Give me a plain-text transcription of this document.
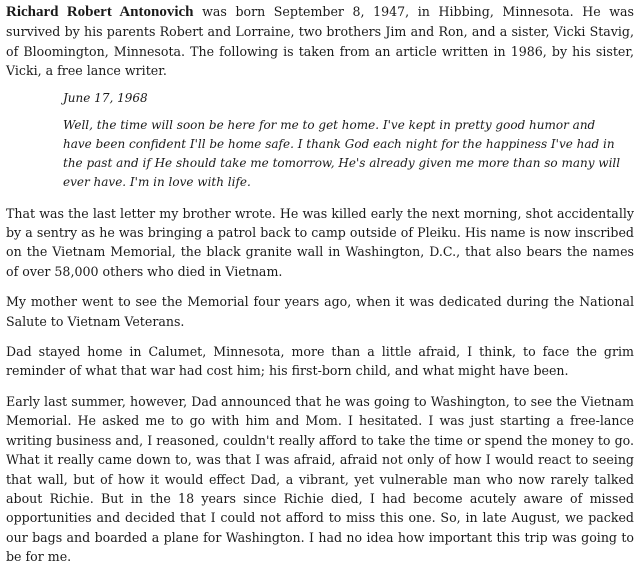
Richard Robert Antonovich was born September 8, 1947, in Hibbing, Minnesota. He was survived by his parents Robert and Lorraine, two brothers Jim and Ron, and a sister, Vicki Stavig, of Bloomington, Minnesota. The following is taken from an article written in 1986, by his sister, Vicki, a free lance writer.

June 17, 1968

Well, the time will soon be here for me to get home. I've kept in pretty good humor and have been confident I'll be home safe. I thank God each night for the happiness I've had in the past and if He should take me tomorrow, He's already given me more than so many will ever have. I'm in love with life.

That was the last letter my brother wrote. He was killed early the next morning, shot accidentally by a sentry as he was bringing a patrol back to camp outside of Pleiku. His name is now inscribed on the Vietnam Memorial, the black granite wall in Washington, D.C., that also bears the names of over 58,000 others who died in Vietnam.

My mother went to see the Memorial four years ago, when it was dedicated during the National Salute to Vietnam Veterans.

Dad stayed home in Calumet, Minnesota, more than a little afraid, I think, to face the grim reminder of what that war had cost him; his first-born child, and what might have been.

Early last summer, however, Dad announced that he was going to Washington, to see the Vietnam Memorial. He asked me to go with him and Mom. I hesitated. I was just starting a free-lance writing business and, I reasoned, couldn't really afford to take the time or spend the money to go. What it really came down to, was that I was afraid, afraid not only of how I would react to seeing that wall, but of how it would effect Dad, a vibrant, yet vulnerable man who now rarely talked about Richie. But in the 18 years since Richie died, I had become acutely aware of missed opportunities and decided that I could not afford to miss this one. So, in late August, we packed our bags and boarded a plane for Washington. I had no idea how important this trip was going to be for me.
